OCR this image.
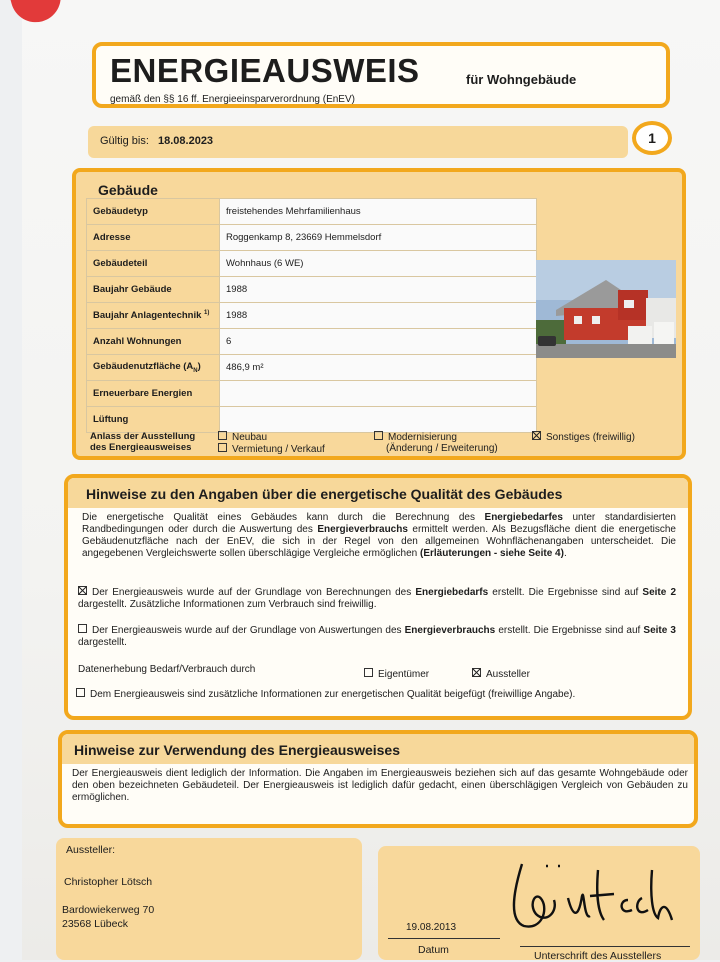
ENERGIEAUSWEIS	für Wohngebäude
gemäß den §§ 16 ff. Energieeinsparverordnung (EnEV)
Gültig bis: 18.08.2023	1
Gebäude
Gebäudetyp	freistehendes Mehrfamilienhaus
Adresse	Roggenkamp 8, 23669 Hemmelsdorf
Gebäudeteil	Wohnhaus (6 WE)
Baujahr Gebäude	1988
Baujahr Anlagentechnik $^{1)}$	1988
Anzahl Wohnungen	6
Gebäudenutzfläche $(A_N)$	486,9 m²
Erneuerbare Energien	
Lüftung	
Anlass der Ausstellung
des Energieausweises
Neubau
Vermietung / Verkauf
Modernisierung
(Änderung / Erweiterung)
Sonstiges (freiwillig)
Hinweise zu den Angaben über die energetische Qualität des Gebäudes
Die energetische Qualität eines Gebäudes kann durch die Berechnung des Energiebedarfes unter standardisierten Randbedingungen oder durch die Auswertung des Energieverbrauchs ermittelt werden. Als Bezugsfläche dient die energetische Gebäudenutzfläche nach der EnEV, die sich in der Regel von den allgemeinen Wohnflächenangaben unterscheidet. Die angegebenen Vergleichswerte sollen überschlägige Vergleiche ermöglichen (Erläuterungen - siehe Seite 4).
Der Energieausweis wurde auf der Grundlage von Berechnungen des Energiebedarfs erstellt. Die Ergebnisse sind auf Seite 2 dargestellt. Zusätzliche Informationen zum Verbrauch sind freiwillig.
Der Energieausweis wurde auf der Grundlage von Auswertungen des Energieverbrauchs erstellt. Die Ergebnisse sind auf Seite 3 dargestellt.
Datenerhebung Bedarf/Verbrauch durch	Eigentümer	Aussteller
Dem Energieausweis sind zusätzliche Informationen zur energetischen Qualität beigefügt (freiwillige Angabe).
Hinweise zur Verwendung des Energieausweises
Der Energieausweis dient lediglich der Information. Die Angaben im Energieausweis beziehen sich auf das gesamte Wohngebäude oder den oben bezeichneten Gebäudeteil. Der Energieausweis ist lediglich dafür gedacht, einen überschlägigen Vergleich von Gebäuden zu ermöglichen.
Aussteller:
Christopher Lötsch
Bardowiekerweg 70
23568 Lübeck	19.08.2013
Datum	Unterschrift des Ausstellers
